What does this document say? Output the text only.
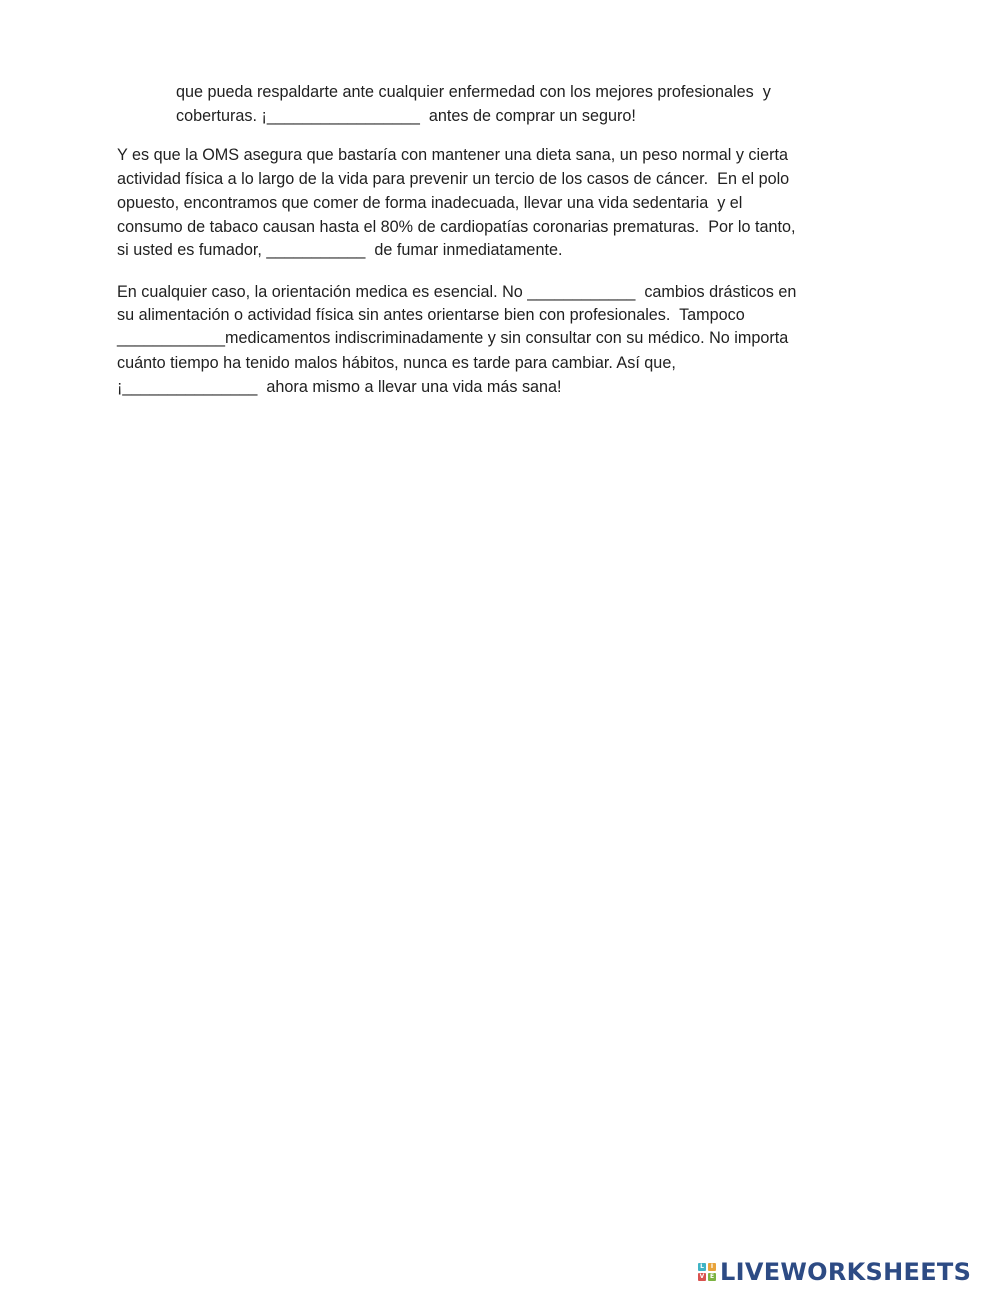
que pueda respaldarte ante cualquier enfermedad con los mejores profesionales  y
coberturas. ¡_________________  antes de comprar un seguro!
Y es que la OMS asegura que bastaría con mantener una dieta sana, un peso normal y cierta
actividad física a lo largo de la vida para prevenir un tercio de los casos de cáncer.  En el polo
opuesto, encontramos que comer de forma inadecuada, llevar una vida sedentaria  y el
consumo de tabaco causan hasta el 80% de cardiopatías coronarias prematuras.  Por lo tanto,
si usted es fumador, ___________  de fumar inmediatamente.
En cualquier caso, la orientación medica es esencial. No ____________  cambios drásticos en
su alimentación o actividad física sin antes orientarse bien con profesionales.  Tampoco
____________medicamentos indiscriminadamente y sin consultar con su médico. No importa
cuánto tiempo ha tenido malos hábitos, nunca es tarde para cambiar. Así que,
¡_______________  ahora mismo a llevar una vida más sana!
L	I
V E LIVEWORKSHEETS
